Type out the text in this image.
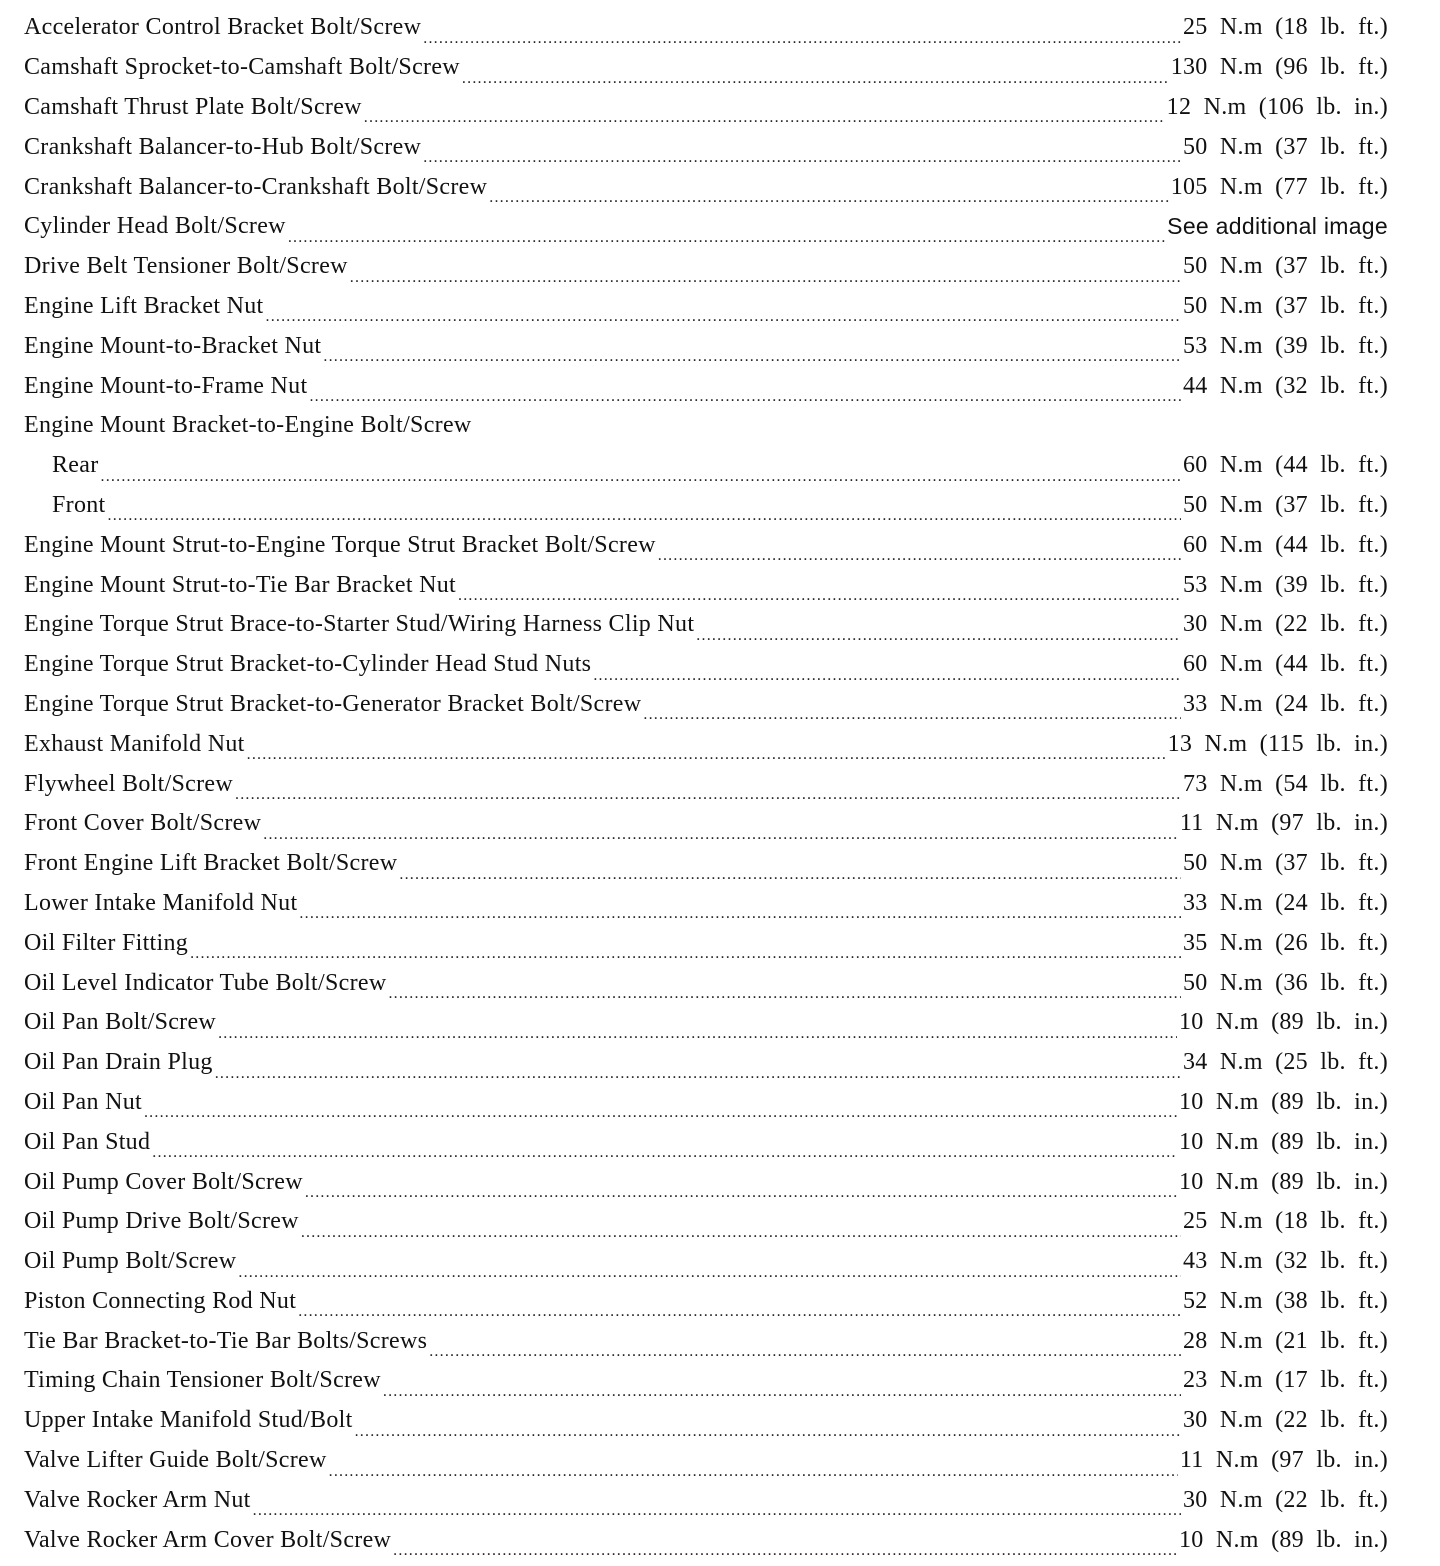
Accelerator Control Bracket Bolt/Screw .....	25 N.m (18 lb. ft.)
Camshaft Sprocket-to-Camshaft Bolt/Screw .....	130 N.m (96 lb. ft.)
Camshaft Thrust Plate Bolt/Screw .....	12 N.m (106 lb. in.)
Crankshaft Balancer-to-Hub Bolt/Screw .....	50 N.m (37 lb. ft.)
Crankshaft Balancer-to-Crankshaft Bolt/Screw .....	105 N.m (77 lb. ft.)
Cylinder Head Bolt/Screw .....	See additional image
Drive Belt Tensioner Bolt/Screw .....	50 N.m (37 lb. ft.)
Engine Lift Bracket Nut .....	50 N.m (37 lb. ft.)
Engine Mount-to-Bracket Nut .....	53 N.m (39 lb. ft.)
Engine Mount-to-Frame Nut .....	44 N.m (32 lb. ft.)
Engine Mount Bracket-to-Engine Bolt/Screw
Rear .....	60 N.m (44 lb. ft.)
Front .....	50 N.m (37 lb. ft.)
Engine Mount Strut-to-Engine Torque Strut Bracket Bolt/Screw .....	60 N.m (44 lb. ft.)
Engine Mount Strut-to-Tie Bar Bracket Nut .....	53 N.m (39 lb. ft.)
Engine Torque Strut Brace-to-Starter Stud/Wiring Harness Clip Nut .....	30 N.m (22 lb. ft.)
Engine Torque Strut Bracket-to-Cylinder Head Stud Nuts .....	60 N.m (44 lb. ft.)
Engine Torque Strut Bracket-to-Generator Bracket Bolt/Screw .....	33 N.m (24 lb. ft.)
Exhaust Manifold Nut .....	13 N.m (115 lb. in.)
Flywheel Bolt/Screw .....	73 N.m (54 lb. ft.)
Front Cover Bolt/Screw .....	11 N.m (97 lb. in.)
Front Engine Lift Bracket Bolt/Screw .....	50 N.m (37 lb. ft.)
Lower Intake Manifold Nut .....	33 N.m (24 lb. ft.)
Oil Filter Fitting .....	35 N.m (26 lb. ft.)
Oil Level Indicator Tube Bolt/Screw .....	50 N.m (36 lb. ft.)
Oil Pan Bolt/Screw .....	10 N.m (89 lb. in.)
Oil Pan Drain Plug .....	34 N.m (25 lb. ft.)
Oil Pan Nut .....	10 N.m (89 lb. in.)
Oil Pan Stud .....	10 N.m (89 lb. in.)
Oil Pump Cover Bolt/Screw .....	10 N.m (89 lb. in.)
Oil Pump Drive Bolt/Screw .....	25 N.m (18 lb. ft.)
Oil Pump Bolt/Screw .....	43 N.m (32 lb. ft.)
Piston Connecting Rod Nut .....	52 N.m (38 lb. ft.)
Tie Bar Bracket-to-Tie Bar Bolts/Screws .....	28 N.m (21 lb. ft.)
Timing Chain Tensioner Bolt/Screw .....	23 N.m (17 lb. ft.)
Upper Intake Manifold Stud/Bolt .....	30 N.m (22 lb. ft.)
Valve Lifter Guide Bolt/Screw .....	11 N.m (97 lb. in.)
Valve Rocker Arm Nut .....	30 N.m (22 lb. ft.)
Valve Rocker Arm Cover Bolt/Screw .....	10 N.m (89 lb. in.)
